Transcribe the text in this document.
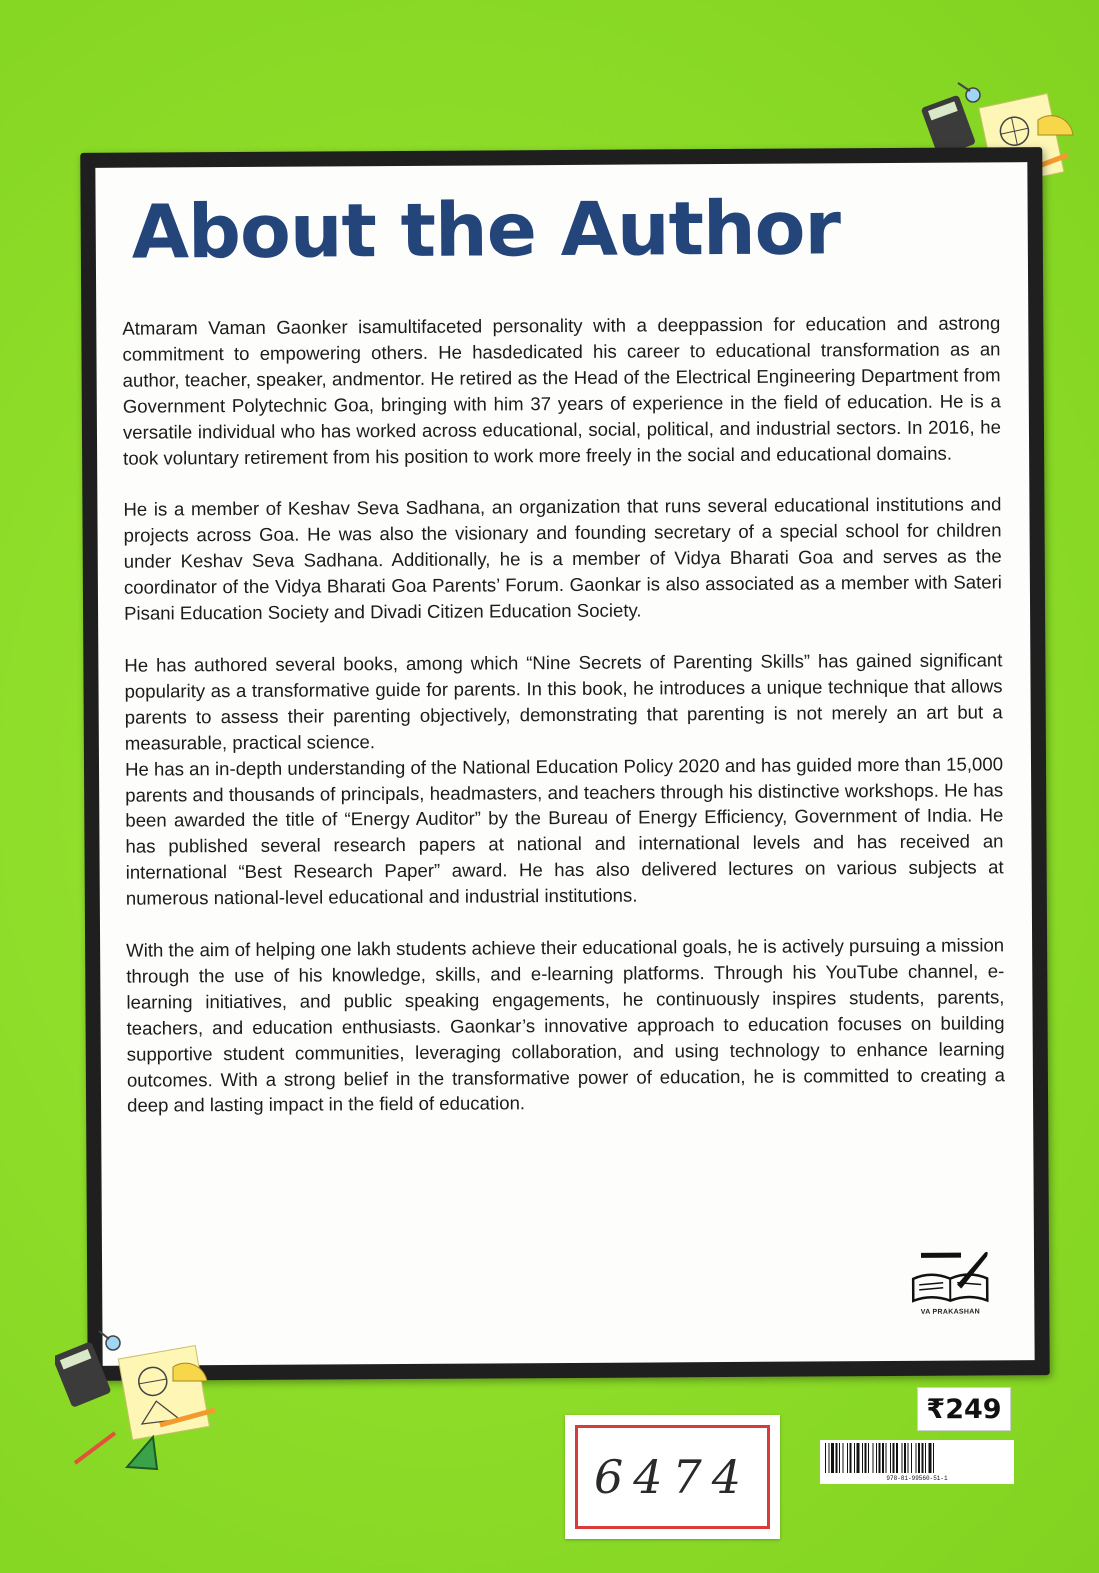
About the Author

Atmaram Vaman Gaonker isamultifaceted personality with a deeppassion for education and astrong commitment to empowering others. He hasdedicated his career to educational transformation as an author, teacher, speaker, andmentor. He retired as the Head of the Electrical Engineering Department from Government Polytechnic Goa, bringing with him 37 years of experience in the field of education. He is a versatile individual who has worked across educational, social, political, and industrial sectors. In 2016, he took voluntary retirement from his position to work more freely in the social and educational domains.

He is a member of Keshav Seva Sadhana, an organization that runs several educational institutions and projects across Goa. He was also the visionary and founding secretary of a special school for children under Keshav Seva Sadhana. Additionally, he is a member of Vidya Bharati Goa and serves as the coordinator of the Vidya Bharati Goa Parents’ Forum. Gaonkar is also associated as a member with Sateri Pisani Education Society and Divadi Citizen Education Society.

He has authored several books, among which “Nine Secrets of Parenting Skills” has gained significant popularity as a transformative guide for parents. In this book, he introduces a unique technique that allows parents to assess their parenting objectively, demonstrating that parenting is not merely an art but a measurable, practical science.

He has an in-depth understanding of the National Education Policy 2020 and has guided more than 15,000 parents and thousands of principals, headmasters, and teachers through his distinctive workshops. He has been awarded the title of “Energy Auditor” by the Bureau of Energy Efficiency, Government of India. He has published several research papers at national and international levels and has received an international “Best Research Paper” award. He has also delivered lectures on various subjects at numerous national-level educational and industrial institutions.

With the aim of helping one lakh students achieve their educational goals, he is actively pursuing a mission through the use of his knowledge, skills, and e-learning platforms. Through his YouTube channel, e-learning initiatives, and public speaking engagements, he continuously inspires students, parents, teachers, and education enthusiasts. Gaonkar’s innovative approach to education focuses on building supportive student communities, leveraging collaboration, and using technology to enhance learning outcomes. With a strong belief in the transformative power of education, he is committed to creating a deep and lasting impact in the field of education.

VA PRAKASHAN
₹249
6474	978-81-99560-51-1
